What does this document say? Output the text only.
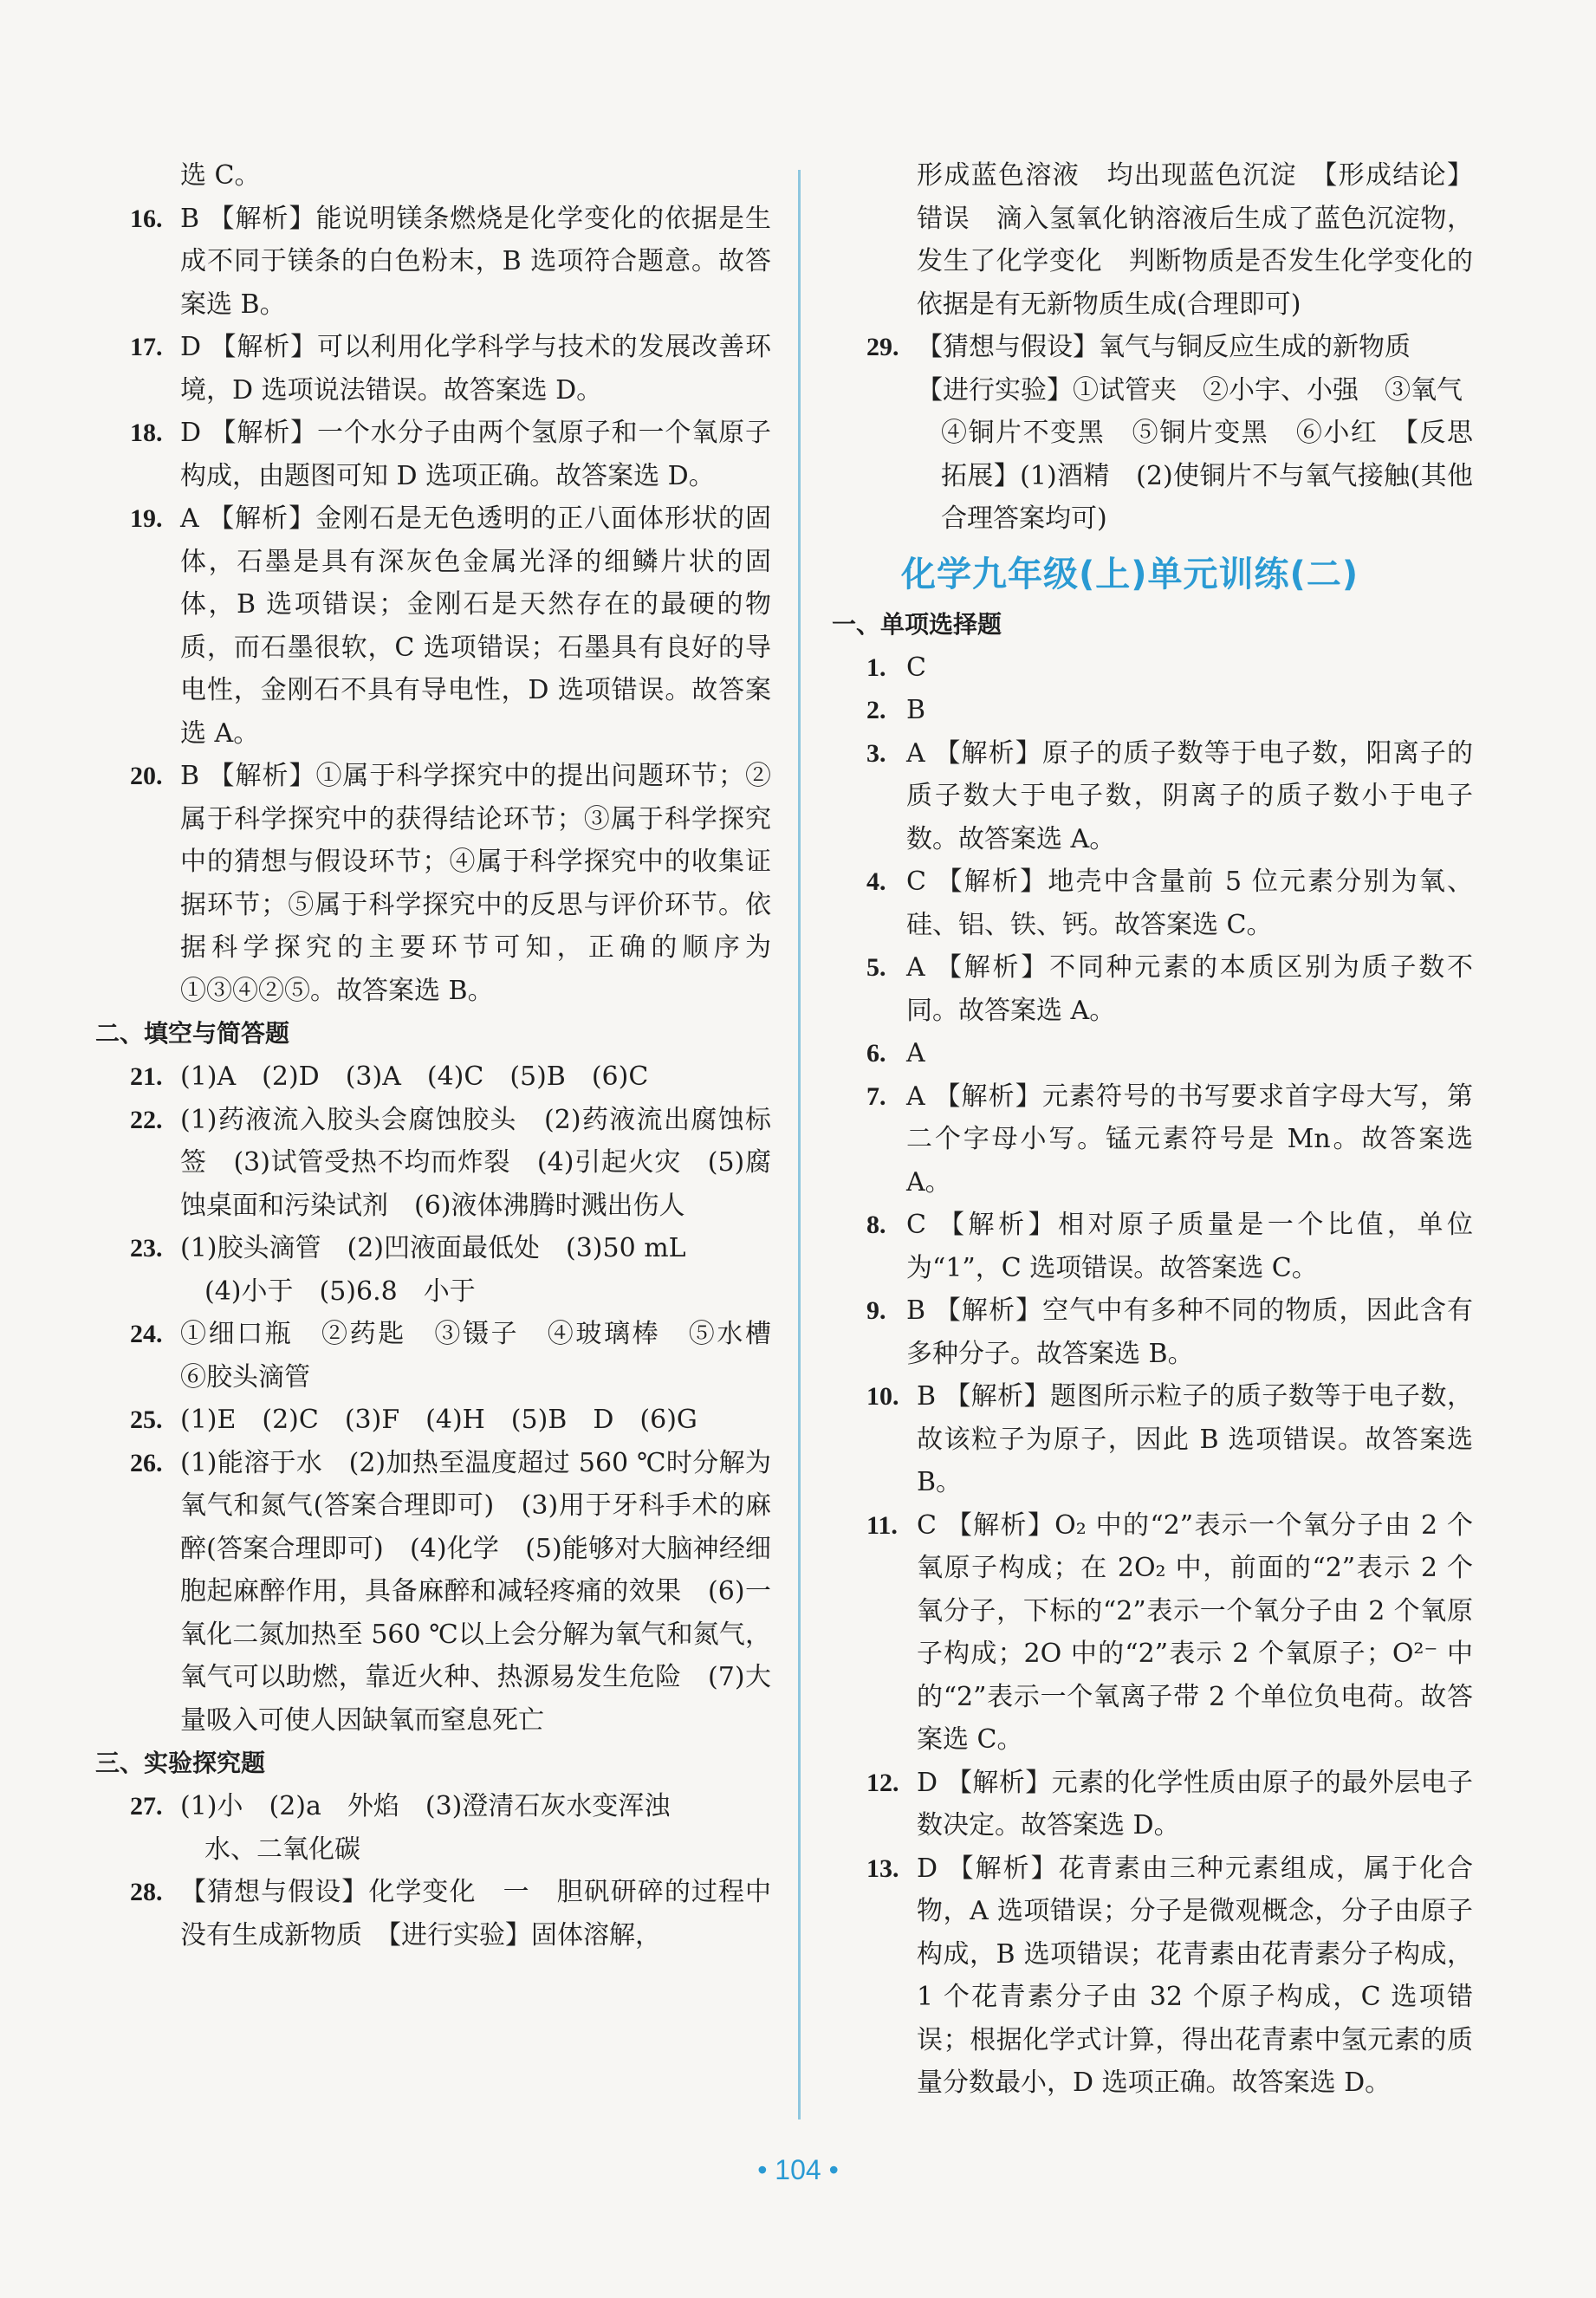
选 C。
16. B 【解析】能说明镁条燃烧是化学变化的依据是生成不同于镁条的白色粉末，B 选项符合题意。故答案选 B。
17. D 【解析】可以利用化学科学与技术的发展改善环境，D 选项说法错误。故答案选 D。
18. D 【解析】一个水分子由两个氢原子和一个氧原子构成，由题图可知 D 选项正确。故答案选 D。
19. A 【解析】金刚石是无色透明的正八面体形状的固体，石墨是具有深灰色金属光泽的细鳞片状的固体，B 选项错误；金刚石是天然存在的最硬的物质，而石墨很软，C 选项错误；石墨具有良好的导电性，金刚石不具有导电性，D 选项错误。故答案选 A。
20. B 【解析】①属于科学探究中的提出问题环节；②属于科学探究中的获得结论环节；③属于科学探究中的猜想与假设环节；④属于科学探究中的收集证据环节；⑤属于科学探究中的反思与评价环节。依据科学探究的主要环节可知，正确的顺序为①③④②⑤。故答案选 B。
二、填空与简答题
21. (1)A　(2)D　(3)A　(4)C　(5)B　(6)C
22. (1)药液流入胶头会腐蚀胶头　(2)药液流出腐蚀标签　(3)试管受热不均而炸裂　(4)引起火灾　(5)腐蚀桌面和污染试剂　(6)液体沸腾时溅出伤人
23. (1)胶头滴管　(2)凹液面最低处　(3)50 mL
(4)小于　(5)6.8　小于
24. ①细口瓶　②药匙　③镊子　④玻璃棒　⑤水槽　⑥胶头滴管
25. (1)E　(2)C　(3)F　(4)H　(5)B　D　(6)G
26. (1)能溶于水　(2)加热至温度超过 560 ℃时分解为氧气和氮气(答案合理即可)　(3)用于牙科手术的麻醉(答案合理即可)　(4)化学　(5)能够对大脑神经细胞起麻醉作用，具备麻醉和减轻疼痛的效果　(6)一氧化二氮加热至 560 ℃以上会分解为氧气和氮气，氧气可以助燃，靠近火种、热源易发生危险　(7)大量吸入可使人因缺氧而窒息死亡
三、实验探究题
27. (1)小　(2)a　外焰　(3)澄清石灰水变浑浊
水、二氧化碳
28. 【猜想与假设】化学变化　一　胆矾研碎的过程中没有生成新物质　【进行实验】固体溶解，
形成蓝色溶液　均出现蓝色沉淀　【形成结论】错误　滴入氢氧化钠溶液后生成了蓝色沉淀物，发生了化学变化　判断物质是否发生化学变化的依据是有无新物质生成(合理即可)
29. 【猜想与假设】氧气与铜反应生成的新物质
【进行实验】①试管夹　②小宇、小强　③氧气
④铜片不变黑　⑤铜片变黑　⑥小红　【反思拓展】(1)酒精　(2)使铜片不与氧气接触(其他合理答案均可)
化学九年级(上)单元训练(二)
一、单项选择题
1. C
2. B
3. A 【解析】原子的质子数等于电子数，阳离子的质子数大于电子数，阴离子的质子数小于电子数。故答案选 A。
4. C 【解析】地壳中含量前 5 位元素分别为氧、硅、铝、铁、钙。故答案选 C。
5. A 【解析】不同种元素的本质区别为质子数不同。故答案选 A。
6. A
7. A 【解析】元素符号的书写要求首字母大写，第二个字母小写。锰元素符号是 Mn。故答案选 A。
8. C 【解析】相对原子质量是一个比值，单位为“1”，C 选项错误。故答案选 C。
9. B 【解析】空气中有多种不同的物质，因此含有多种分子。故答案选 B。
10. B 【解析】题图所示粒子的质子数等于电子数，故该粒子为原子，因此 B 选项错误。故答案选 B。
11. C 【解析】O₂ 中的“2”表示一个氧分子由 2 个氧原子构成；在 2O₂ 中，前面的“2”表示 2 个氧分子，下标的“2”表示一个氧分子由 2 个氧原子构成；2O 中的“2”表示 2 个氧原子；O²⁻ 中的“2”表示一个氧离子带 2 个单位负电荷。故答案选 C。
12. D 【解析】元素的化学性质由原子的最外层电子数决定。故答案选 D。
13. D 【解析】花青素由三种元素组成，属于化合物，A 选项错误；分子是微观概念，分子由原子构成，B 选项错误；花青素由花青素分子构成，1 个花青素分子由 32 个原子构成，C 选项错误；根据化学式计算，得出花青素中氢元素的质量分数最小，D 选项正确。故答案选 D。
• 104 •
